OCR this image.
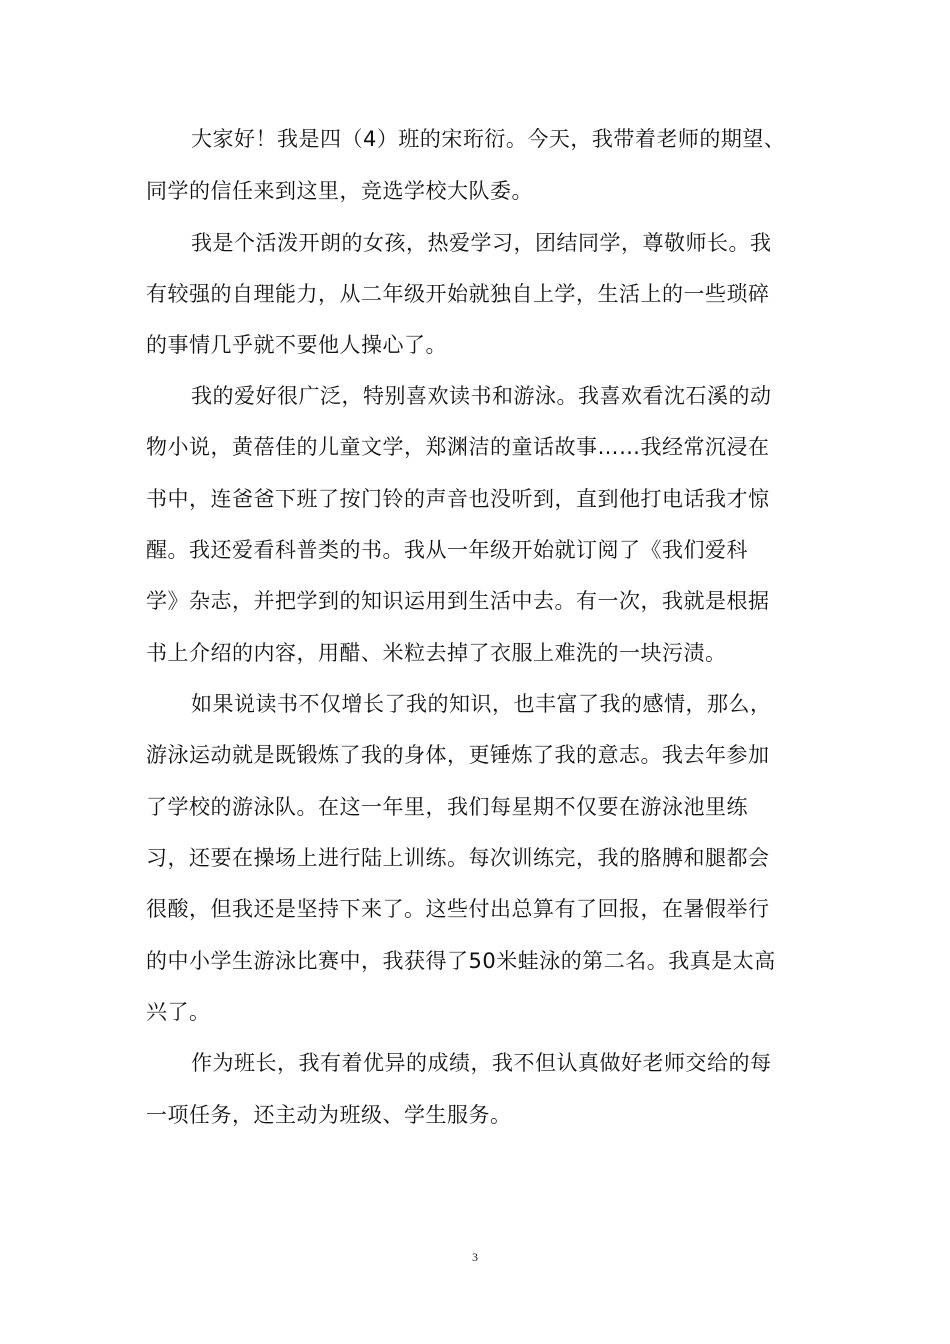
大家好！我是四（4）班的宋珩衍。今天，我带着老师的期望、
同学的信任来到这里，竞选学校大队委。
我是个活泼开朗的女孩，热爱学习，团结同学，尊敬师长。我
有较强的自理能力，从二年级开始就独自上学，生活上的一些琐碎
的事情几乎就不要他人操心了。
我的爱好很广泛，特别喜欢读书和游泳。我喜欢看沈石溪的动
物小说，黄蓓佳的儿童文学，郑渊洁的童话故事……我经常沉浸在
书中，连爸爸下班了按门铃的声音也没听到，直到他打电话我才惊
醒。我还爱看科普类的书。我从一年级开始就订阅了《我们爱科
学》杂志，并把学到的知识运用到生活中去。有一次，我就是根据
书上介绍的内容，用醋、米粒去掉了衣服上难洗的一块污渍。
如果说读书不仅增长了我的知识，也丰富了我的感情，那么，
游泳运动就是既锻炼了我的身体，更锤炼了我的意志。我去年参加
了学校的游泳队。在这一年里，我们每星期不仅要在游泳池里练
习，还要在操场上进行陆上训练。每次训练完，我的胳膊和腿都会
很酸，但我还是坚持下来了。这些付出总算有了回报，在暑假举行
的中小学生游泳比赛中，我获得了50米蛙泳的第二名。我真是太高
兴了。
作为班长，我有着优异的成绩，我不但认真做好老师交给的每
一项任务，还主动为班级、学生服务。
3
